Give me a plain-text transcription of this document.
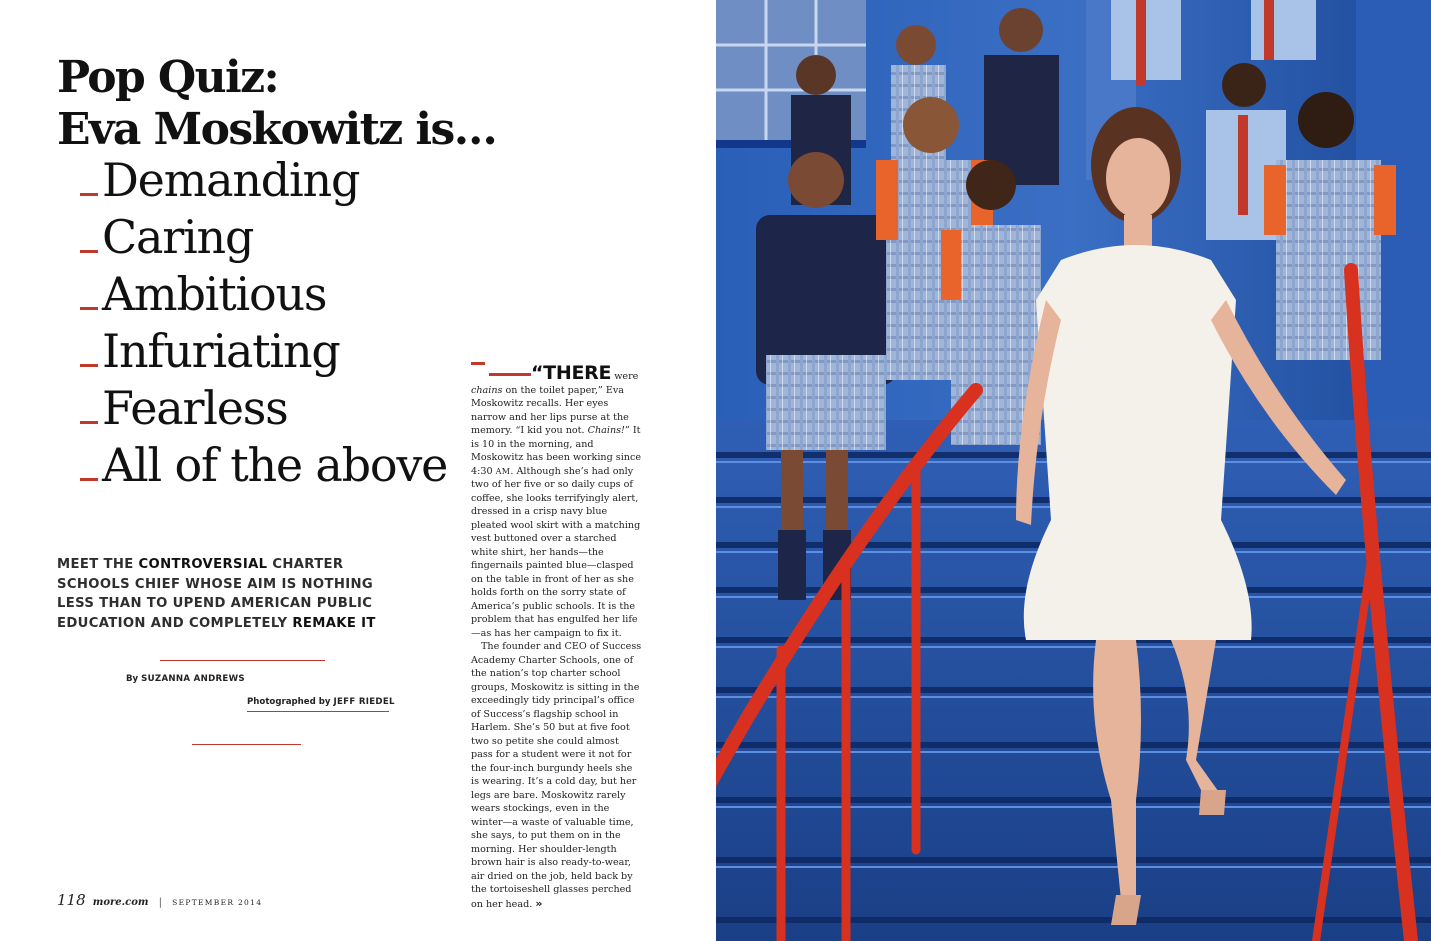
Pop Quiz:
Eva Moskowitz is…
Demanding
Caring
Ambitious
Infuriating
Fearless
All of the above

MEET THE CONTROVERSIAL CHARTER SCHOOLS CHIEF WHOSE AIM IS NOTHING LESS THAN TO UPEND AMERICAN PUBLIC EDUCATION AND COMPLETELY REMAKE IT

By SUZANNA ANDREWS
Photographed by JEFF RIEDEL

“THERE were chains on the toilet paper,” Eva Moskowitz recalls. Her eyes narrow and her lips purse at the memory. “I kid you not. Chains!” It is 10 in the morning, and Moskowitz has been working since 4:30 AM. Although she’s had only two of her five or so daily cups of coffee, she looks terrifyingly alert, dressed in a crisp navy blue pleated wool skirt with a matching vest buttoned over a starched white shirt, her hands—the fingernails painted blue—clasped on the table in front of her as she holds forth on the sorry state of America’s public schools. It is the problem that has engulfed her life—as has her campaign to fix it.

The founder and CEO of Success Academy Charter Schools, one of the nation’s top charter school groups, Moskowitz is sitting in the exceedingly tidy principal’s office of Success’s flagship school in Harlem. She’s 50 but at five foot two so petite she could almost pass for a student were it not for the four-inch burgundy heels she is wearing. It’s a cold day, but her legs are bare. Moskowitz rarely wears stockings, even in the winter—a waste of valuable time, she says, to put them on in the morning. Her shoulder-length brown hair is also ready-to-wear, air dried on the job, held back by the tortoiseshell glasses perched on her head. »

118 more.com | SEPTEMBER 2014
